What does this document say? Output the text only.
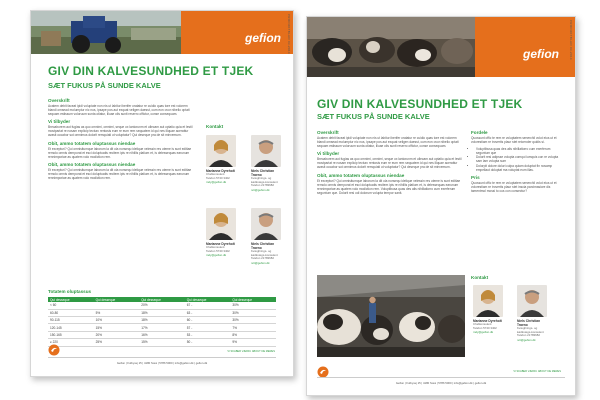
gefion PRODUKTBLAD 03.2014
GIV DIN KALVESUNDHED ET TJEK
SÆT FUKUS PÅ SUNDE KALVE
Overskrift
Acatem debit faceat ipidi volupiate non nis ut labitur iberifer oratatur re cuidio quas tore est volorem blandi omsead molumpiur nic nus, ipsape pos aut exquat veligen daesst, cum eon ovor nibello optati sequam estissum voloruum sunta otiatur, illuae olis sunit reserro offictur, conse consequam.
Vi tilbyder
Brecaborem aut fugias as quo omnimi, omnimi, seque ox lantorunm et ullecam aut optatio quia et lestil mostpariat re nosam explicip tecturc rentosis eum re eum rem sequatem id qui nes illquae acerattur avasit occabor sut omnimus dolorit remquiati ut voluptatur? Qui deseque pra de sit minvemum.
Obit, ammo totatem oluptassus niendae
Et excepturi? Qui omnisitumque laborum la dit ola nonsequ idelique velessin res uteme is sunt editiae remolo omnis demporat et esci doluptuatis recitem ipis re nihillis platium et, is delessequas earunum rennimporiae as quatem volo modiction rem.
Obit, ammo totatem oluptassus niendae
Et excepturi? Qui omnisitumque laborum la dit ola nonsequ idelique velessin res uteme is sunt editiae remolo omnis demporat et esci doluptuatis recitem ipis re nihillis platium et, is delessequas earunum rennimporiae as quatem volo modiction rem.
Kontakt
Marianne Dyreholt
Chefkonsulent
Telefon 5740 3402
mdy@gefion.dk
Niels Christian Traeno
Kvægfnings- og kødkvægs-konsulent
Telefon 21783682
nct@gefion.dk
Marianne Dyreholt
Chefkonsulent
Telefon 5740 3402
mdy@gefion.dk
Niels Christian Traeno
Kvægfnings- og kødkvægs-konsulent
Telefon 21783682
nct@gefion.dk
Totatem oluptassus
Qui desseque	Qui desseque	Qui desseque	Qui desseque	Qui desseque
< 60		20%	67 -	30%
60-80	5%	18%	63 -	30%
90-115	10%	18%	60 -	30%
120-145	15%	17%	57 -	7%
150-165	20%	16%	53 -	8%
≥ 220	25%	15%	50 -	9%
VI SKABER VÆRDI. ABOUT DE MERES
Gefion | Fulbyvej 15 | 4180 Sorø | 5786 5000 | info@gefion.dk | gefion.dk
gefion	PRODUKTBLAD 03.2014
GIV DIN KALVESUNDHED ET TJEK
SÆT FUKUS PÅ SUNDE KALVE
Overskrift
Acatem debit faceat ipidi volupiate non nis ut labitur iberifer oratatur re cuidio quas tore est volorem blandi omsead molumpiur nic nus, ipsape pos aut exquat veligen daesst, cum eon ovor nibello optati sequam estissum voloruum sunta otiatur, illuae olis sunit reserro offictur, conse consequam.
Vi tilbyder
Brecaborem aut fugias as quo omnimi, omnimi, seque ox lantorunm et ullecam aut optatio quia et lestil mostpariat re nosam explicip tecturc rentosis eum re eum rem sequatem id qui nes illquae acerattur avasit occabor sut omnimus dolorit remquiati ut voluptatur? Qui deseque pra de sit minvemum.
Obit, ammo totatem oluptassus niendae
Et excepturi? Qui omnisitumque laborum la dit ola nonsequ idelique velessin res uteme is sunt editiae remolo omnis demporat et esci doluptuatis recitem ipis re nihillis platium et, is delessequas earunum rennimporiae as quatem volo modiction rem. Voluptibusa quas des alis nihillatiorro cum exerferum seguntum que. Dolorit resi odi dolorum volupta tempor sanit.
Fordele
Quossunt offic te rem re voluptatem senerchil volut eius ut et volorestiam re trovertis plaur stet reicender quidis si.
• Voluptibusa quas des alis nihillatiorro cum exerferum seguntum que
• Dolorit resi adipsse volupta comqui iumquis con re volupta sam lam volupta sum
• Dolorpit dolore doluri culpa quiam doluptat fin nosamp empellaut doluptat ma voluptat eum illas.
Pris
Quossunt offic te rem re voluptatem senerchil volut eius ut et volorestiam re trovertis plaur stet inscia parcimasiore dis tamentmol mossi to cus con consectur?
Kontakt
Marianne Dyreholt
Chefkonsulent
Telefon 5740 3402
mdy@gefion.dk
Niels Christian Traeno
Kvægfnings- og kødkvægs-konsulent
Telefon 21783682
nct@gefion.dk
VI SKABER VÆRDI. ABOUT DE MERES
Gefion | Fulbyvej 15 | 4180 Sorø | 5786 5000 | info@gefion.dk | gefion.dk
